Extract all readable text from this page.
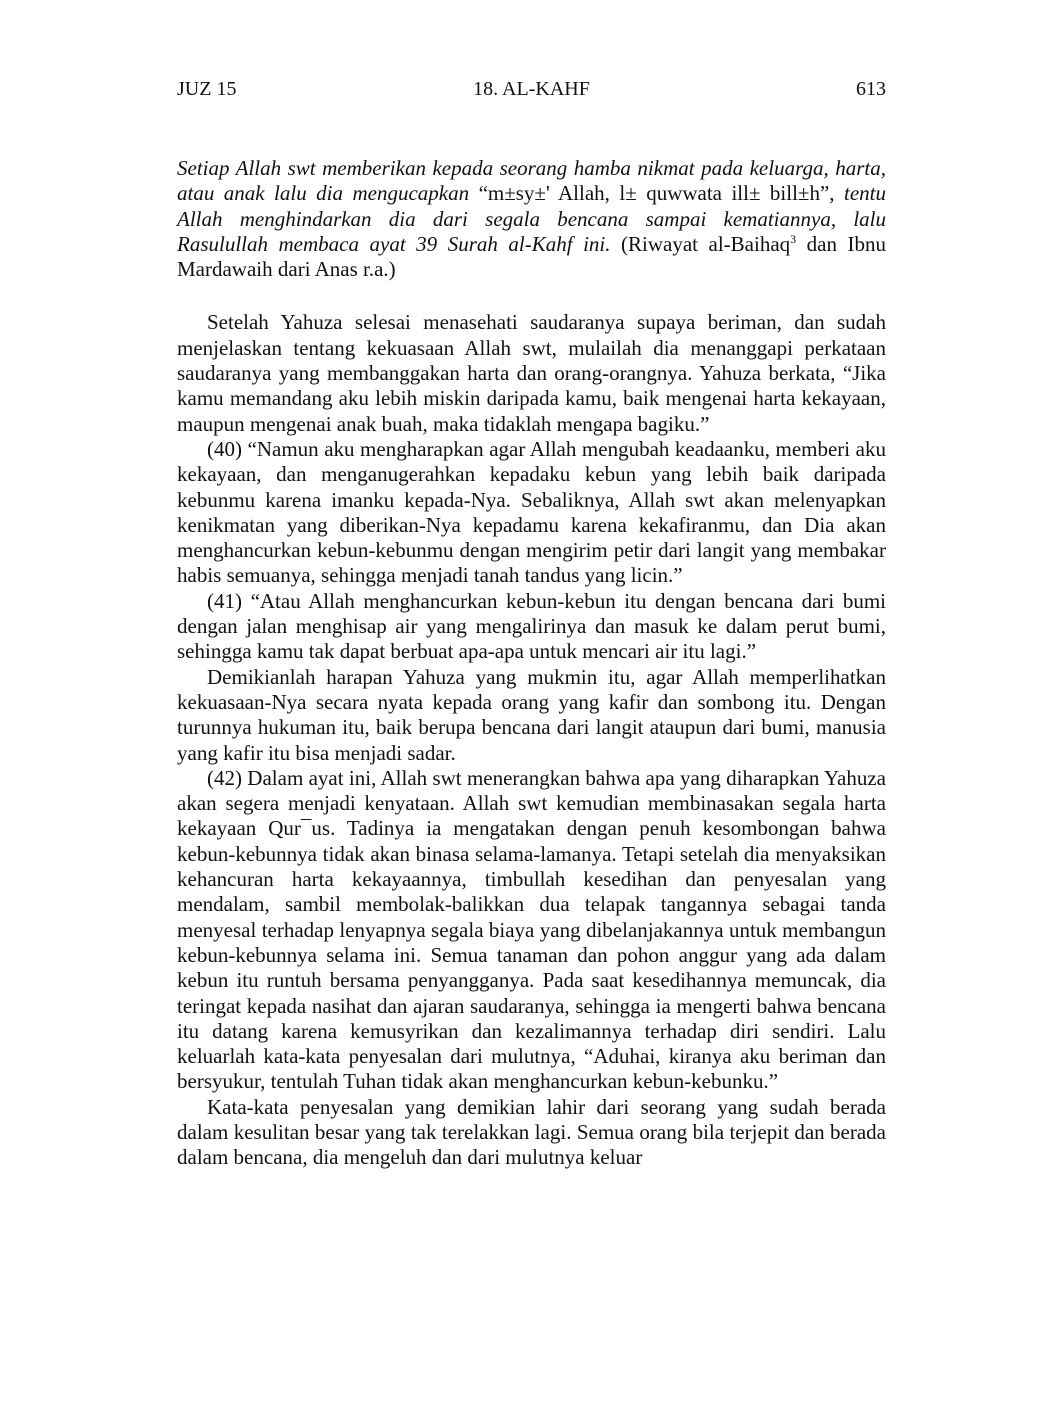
JUZ 15	18. AL-KAHF	613

Setiap Allah swt memberikan kepada seorang hamba nikmat pada keluarga, harta, atau anak lalu dia mengucapkan “m±sy±' Allah, l± quwwata ill± bill±h”, tentu Allah menghindarkan dia dari segala bencana sampai kematiannya, lalu Rasulullah membaca ayat 39 Surah al-Kahf ini. (Riwayat al-Baihaq$^3$ dan Ibnu Mardawaih dari Anas r.a.)

Setelah Yahuza selesai menasehati saudaranya supaya beriman, dan sudah menjelaskan tentang kekuasaan Allah swt, mulailah dia menanggapi perkataan saudaranya yang membanggakan harta dan orang-orangnya. Yahuza berkata, “Jika kamu memandang aku lebih miskin daripada kamu, baik mengenai harta kekayaan, maupun mengenai anak buah, maka tidaklah mengapa bagiku.”

(40) “Namun aku mengharapkan agar Allah mengubah keadaanku, memberi aku kekayaan, dan menganugerahkan kepadaku kebun yang lebih baik daripada kebunmu karena imanku kepada-Nya. Sebaliknya, Allah swt akan melenyapkan kenikmatan yang diberikan-Nya kepadamu karena kekafiranmu, dan Dia akan menghancurkan kebun-kebunmu dengan mengirim petir dari langit yang membakar habis semuanya, sehingga menjadi tanah tandus yang licin.”

(41) “Atau Allah menghancurkan kebun-kebun itu dengan bencana dari bumi dengan jalan menghisap air yang mengalirinya dan masuk ke dalam perut bumi, sehingga kamu tak dapat berbuat apa-apa untuk mencari air itu lagi.”

Demikianlah harapan Yahuza yang mukmin itu, agar Allah memperlihatkan kekuasaan-Nya secara nyata kepada orang yang kafir dan sombong itu. Dengan turunnya hukuman itu, baik berupa bencana dari langit ataupun dari bumi, manusia yang kafir itu bisa menjadi sadar.

(42) Dalam ayat ini, Allah swt menerangkan bahwa apa yang diharapkan Yahuza akan segera menjadi kenyataan. Allah swt kemudian membinasakan segala harta kekayaan Qur¯us. Tadinya ia mengatakan dengan penuh kesombongan bahwa kebun-kebunnya tidak akan binasa selama-lamanya. Tetapi setelah dia menyaksikan kehancuran harta kekayaannya, timbullah kesedihan dan penyesalan yang mendalam, sambil membolak-balikkan dua telapak tangannya sebagai tanda menyesal terhadap lenyapnya segala biaya yang dibelanjakannya untuk membangun kebun-kebunnya selama ini. Semua tanaman dan pohon anggur yang ada dalam kebun itu runtuh bersama penyangganya. Pada saat kesedihannya memuncak, dia teringat kepada nasihat dan ajaran saudaranya, sehingga ia mengerti bahwa bencana itu datang karena kemusyrikan dan kezalimannya terhadap diri sendiri. Lalu keluarlah kata-kata penyesalan dari mulutnya, “Aduhai, kiranya aku beriman dan bersyukur, tentulah Tuhan tidak akan menghancurkan kebun-kebunku.”

Kata-kata penyesalan yang demikian lahir dari seorang yang sudah berada dalam kesulitan besar yang tak terelakkan lagi. Semua orang bila terjepit dan berada dalam bencana, dia mengeluh dan dari mulutnya keluar
